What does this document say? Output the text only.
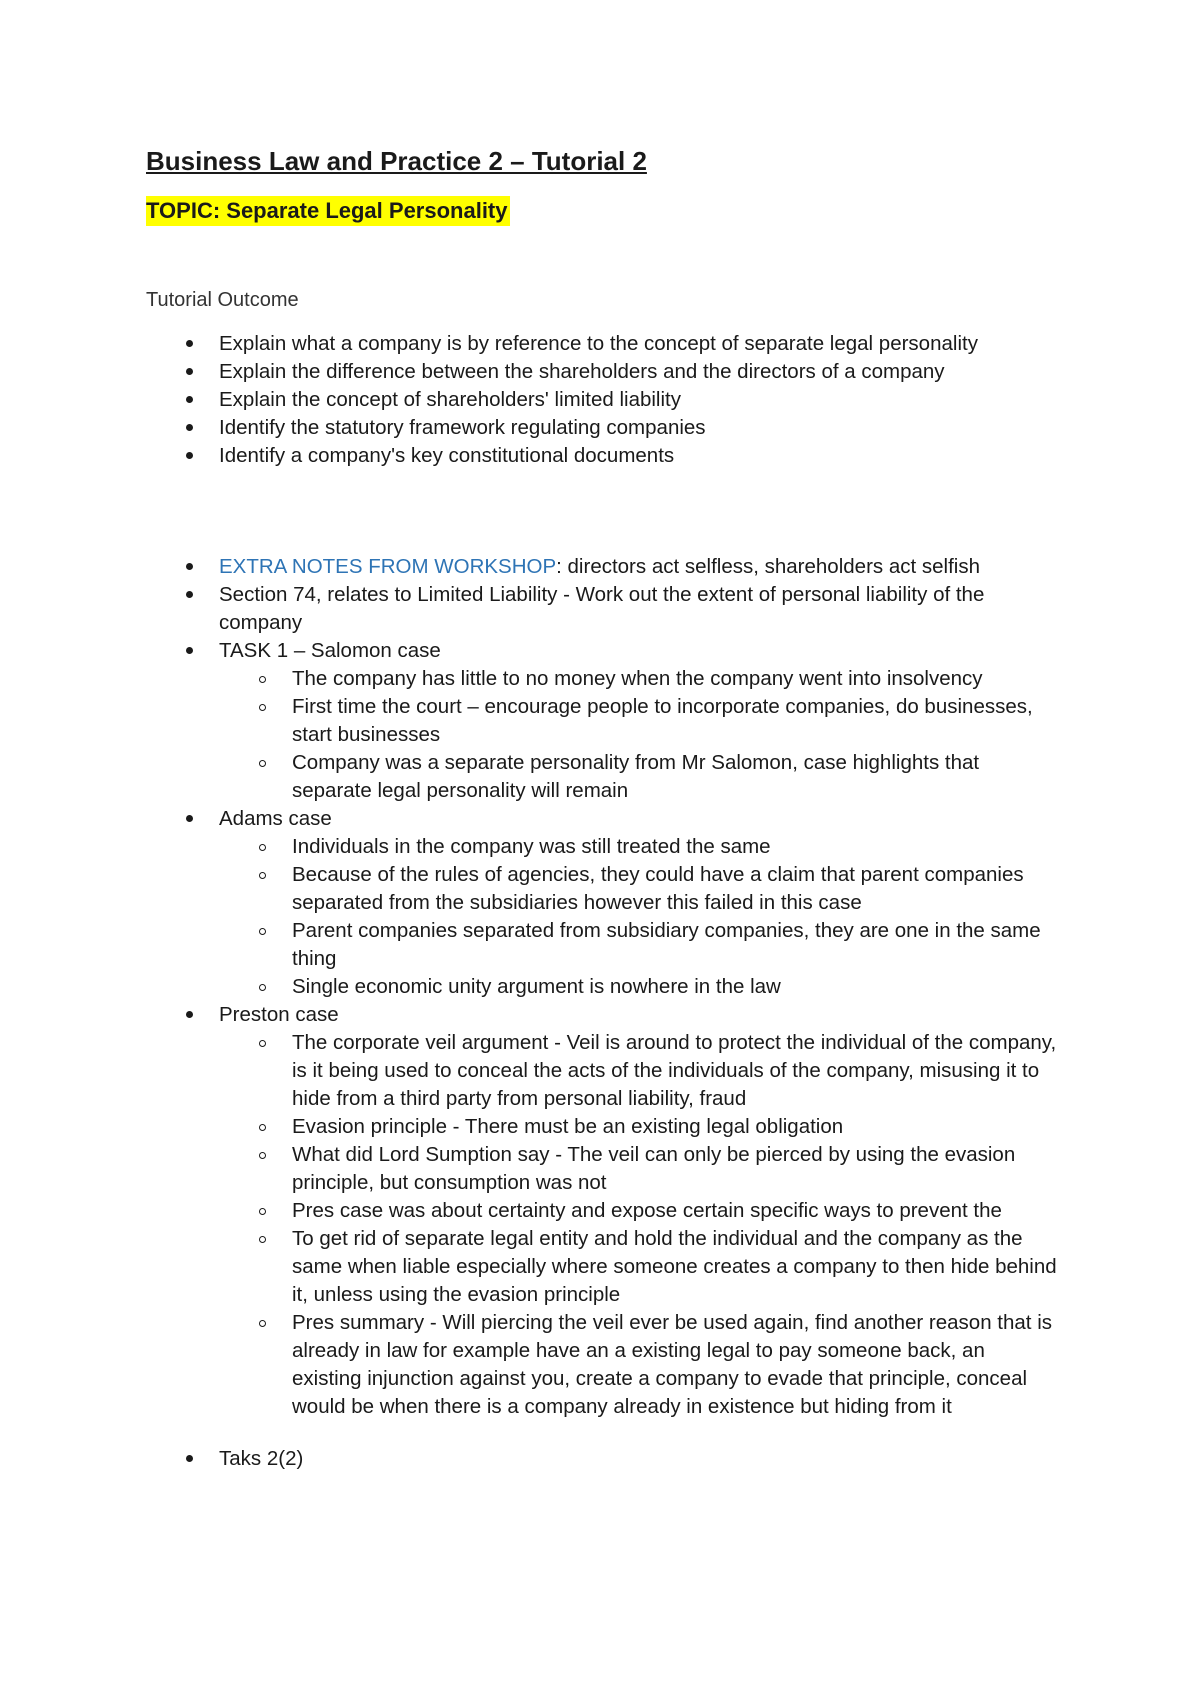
Business Law and Practice 2 – Tutorial 2
TOPIC: Separate Legal Personality
Tutorial Outcome
Explain what a company is by reference to the concept of separate legal personality
Explain the difference between the shareholders and the directors of a company
Explain the concept of shareholders' limited liability
Identify the statutory framework regulating companies
Identify a company's key constitutional documents
EXTRA NOTES FROM WORKSHOP: directors act selfless, shareholders act selfish
Section 74, relates to Limited Liability - Work out the extent of personal liability of the company
TASK 1 – Salomon case
The company has little to no money when the company went into insolvency
First time the court – encourage people to incorporate companies, do businesses, start businesses
Company was a separate personality from Mr Salomon, case highlights that separate legal personality will remain
Adams case
Individuals in the company was still treated the same
Because of the rules of agencies, they could have a claim that parent companies separated from the subsidiaries however this failed in this case
Parent companies separated from subsidiary companies, they are one in the same thing
Single economic unity argument is nowhere in the law
Preston case
The corporate veil argument - Veil is around to protect the individual of the company, is it being used to conceal the acts of the individuals of the company, misusing it to hide from a third party from personal liability, fraud
Evasion principle - There must be an existing legal obligation
What did Lord Sumption say - The veil can only be pierced by using the evasion principle, but consumption was not
Pres case was about certainty and expose certain specific ways to prevent the
To get rid of separate legal entity and hold the individual and the company as the same when liable especially where someone creates a company to then hide behind it, unless using the evasion principle
Pres summary - Will piercing the veil ever be used again, find another reason that is already in law for example have an a existing legal to pay someone back, an existing injunction against you, create a company to evade that principle, conceal would be when there is a company already in existence but hiding from it
Taks 2(2)
